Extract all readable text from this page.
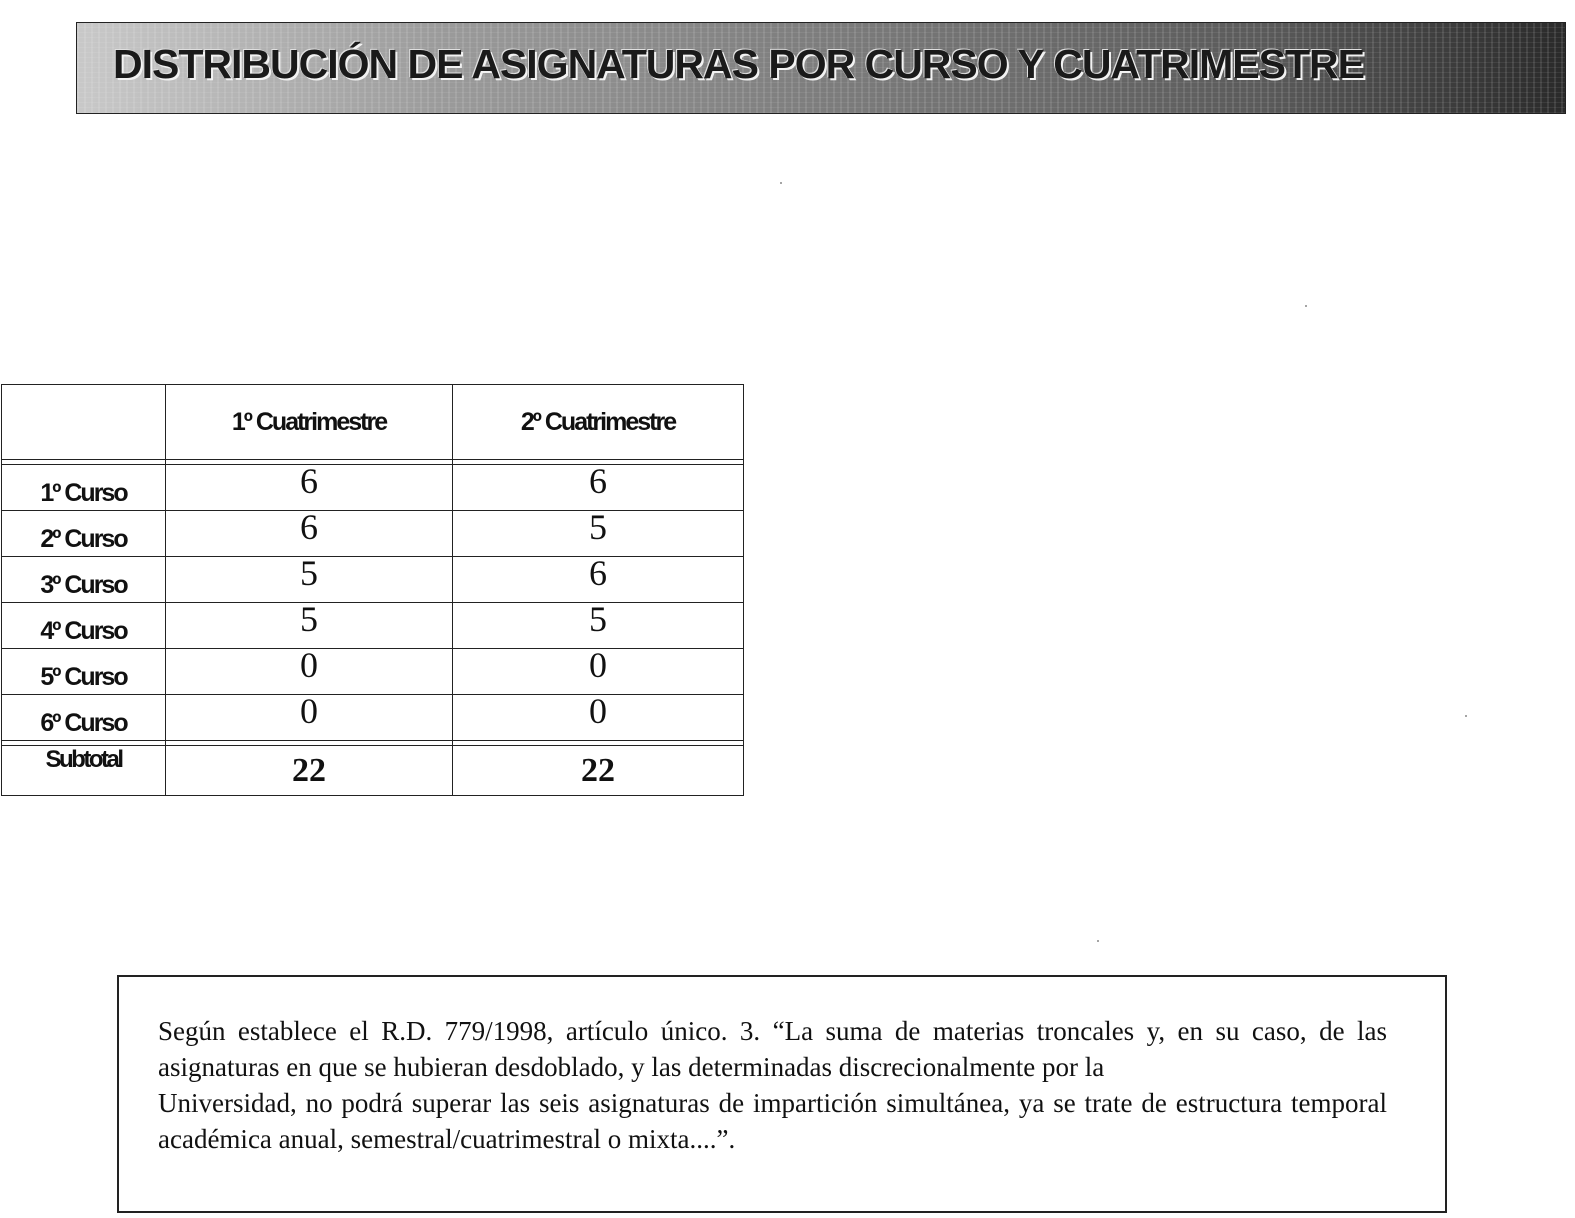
DISTRIBUCIÓN DE ASIGNATURAS POR CURSO Y CUATRIMESTRE
	1º Cuatrimestre	2º Cuatrimestre

1º Curso	6	6
2º Curso	6	5
3º Curso	5	6
4º Curso	5	5
5º Curso	0	0
6º Curso	0	0

Subtotal	22	22

Según establece el R.D. 779/1998, artículo único. 3. “La suma de materias troncales y, en su caso, de las asignaturas en que se hubieran desdoblado, y las determinadas discrecionalmente por la

Universidad, no podrá superar las seis asignaturas de impartición simultánea, ya se trate de estructura temporal académica anual, semestral/cuatrimestral o mixta....”.
